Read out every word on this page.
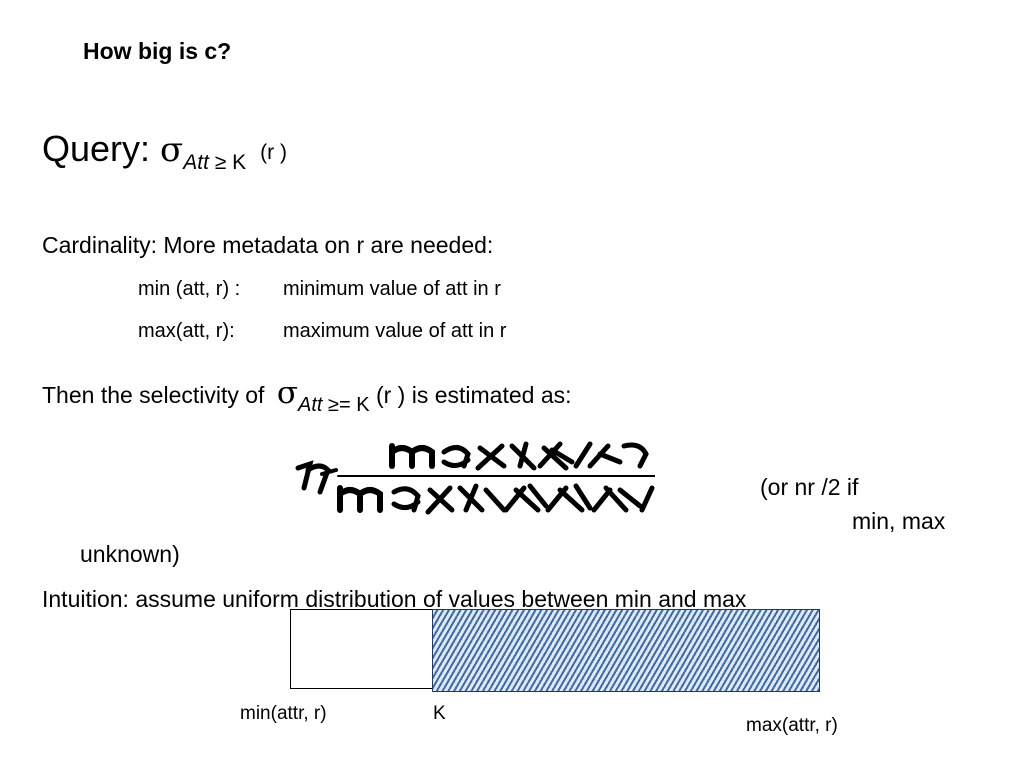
How big is c?
Query: $\sigma_{Att \ge K}$ (r )
Cardinality: More metadata on r are needed:
min (att, r) : minimum value of att in r
max(att, r): maximum value of att in r
Then the selectivity of σAtt ≥= K (r ) is estimated as:
(or nr /2 if
min, max
unknown)
Intuition: assume uniform distribution of values between min and max
min(attr, r)	K
max(attr, r)
